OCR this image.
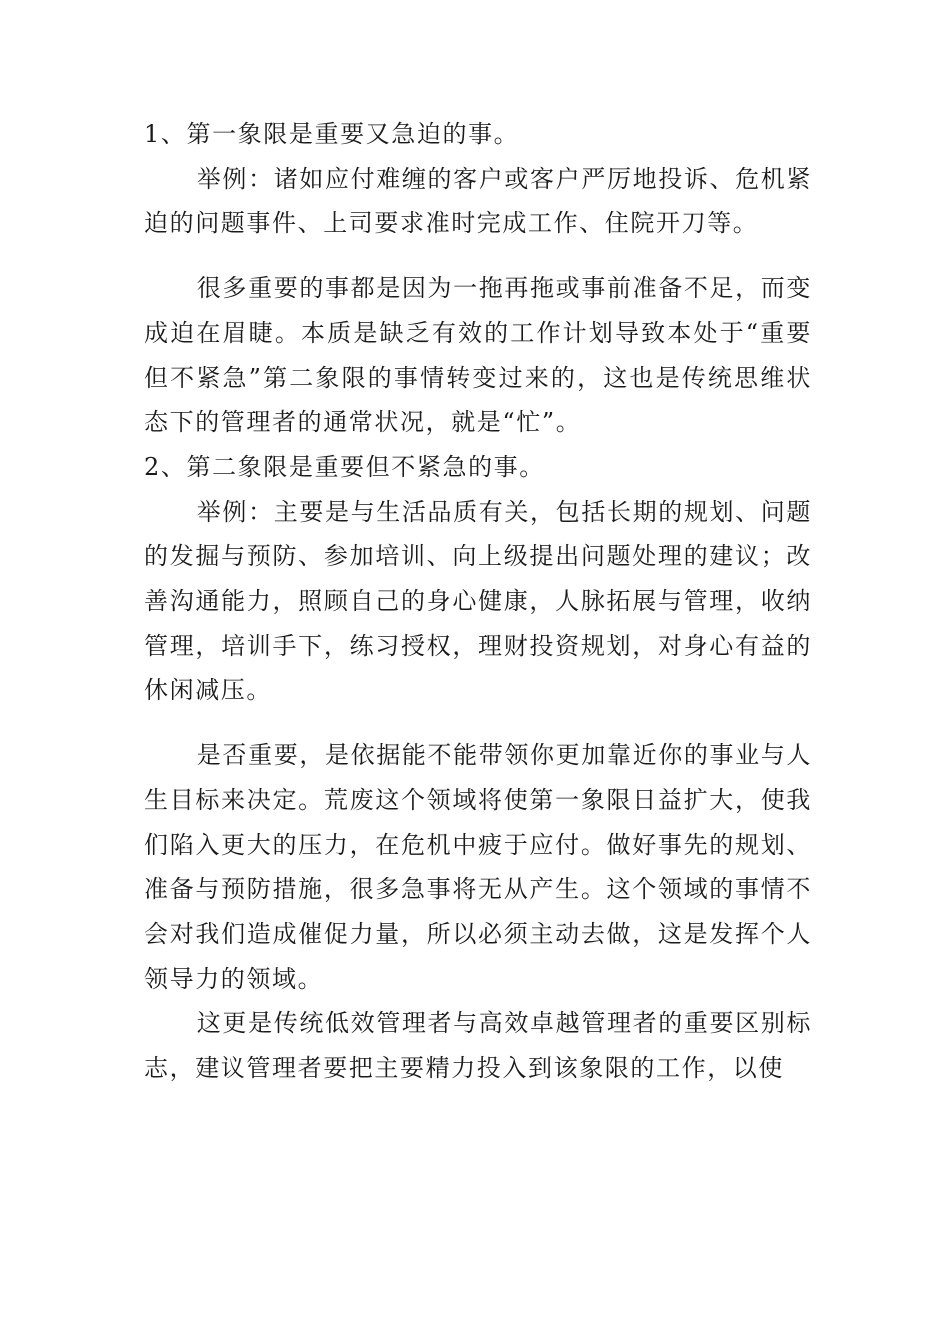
1、第一象限是重要又急迫的事。

举例：诸如应付难缠的客户或客户严厉地投诉、危机紧迫的问题事件、上司要求准时完成工作、住院开刀等。

很多重要的事都是因为一拖再拖或事前准备不足，而变成迫在眉睫。本质是缺乏有效的工作计划导致本处于“重要但不紧急”第二象限的事情转变过来的，这也是传统思维状态下的管理者的通常状况，就是“忙”。

2、第二象限是重要但不紧急的事。

举例：主要是与生活品质有关，包括长期的规划、问题的发掘与预防、参加培训、向上级提出问题处理的建议；改善沟通能力，照顾自己的身心健康，人脉拓展与管理，收纳管理，培训手下，练习授权，理财投资规划，对身心有益的休闲减压。

是否重要，是依据能不能带领你更加靠近你的事业与人生目标来决定。荒废这个领域将使第一象限日益扩大，使我们陷入更大的压力，在危机中疲于应付。做好事先的规划、准备与预防措施，很多急事将无从产生。这个领域的事情不会对我们造成催促力量，所以必须主动去做，这是发挥个人领导力的领域。

这更是传统低效管理者与高效卓越管理者的重要区别标志，建议管理者要把主要精力投入到该象限的工作，以使
